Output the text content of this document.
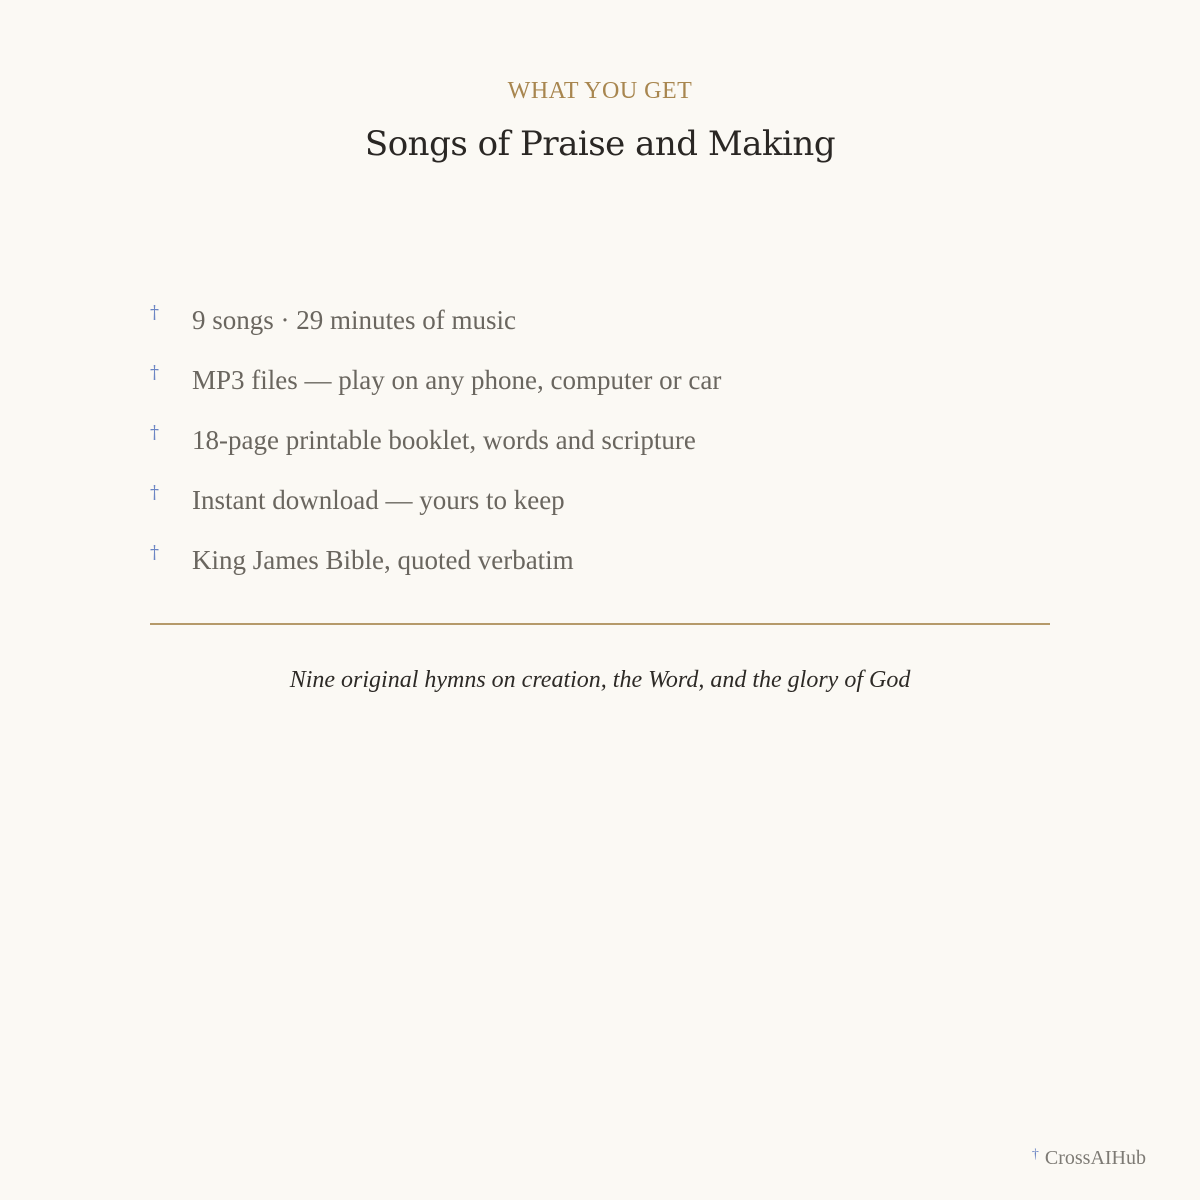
WHAT YOU GET
Songs of Praise and Making
† 9 songs · 29 minutes of music
† MP3 files — play on any phone, computer or car
† 18-page printable booklet, words and scripture
† Instant download — yours to keep
† King James Bible, quoted verbatim
Nine original hymns on creation, the Word, and the glory of God
† CrossAIHub
